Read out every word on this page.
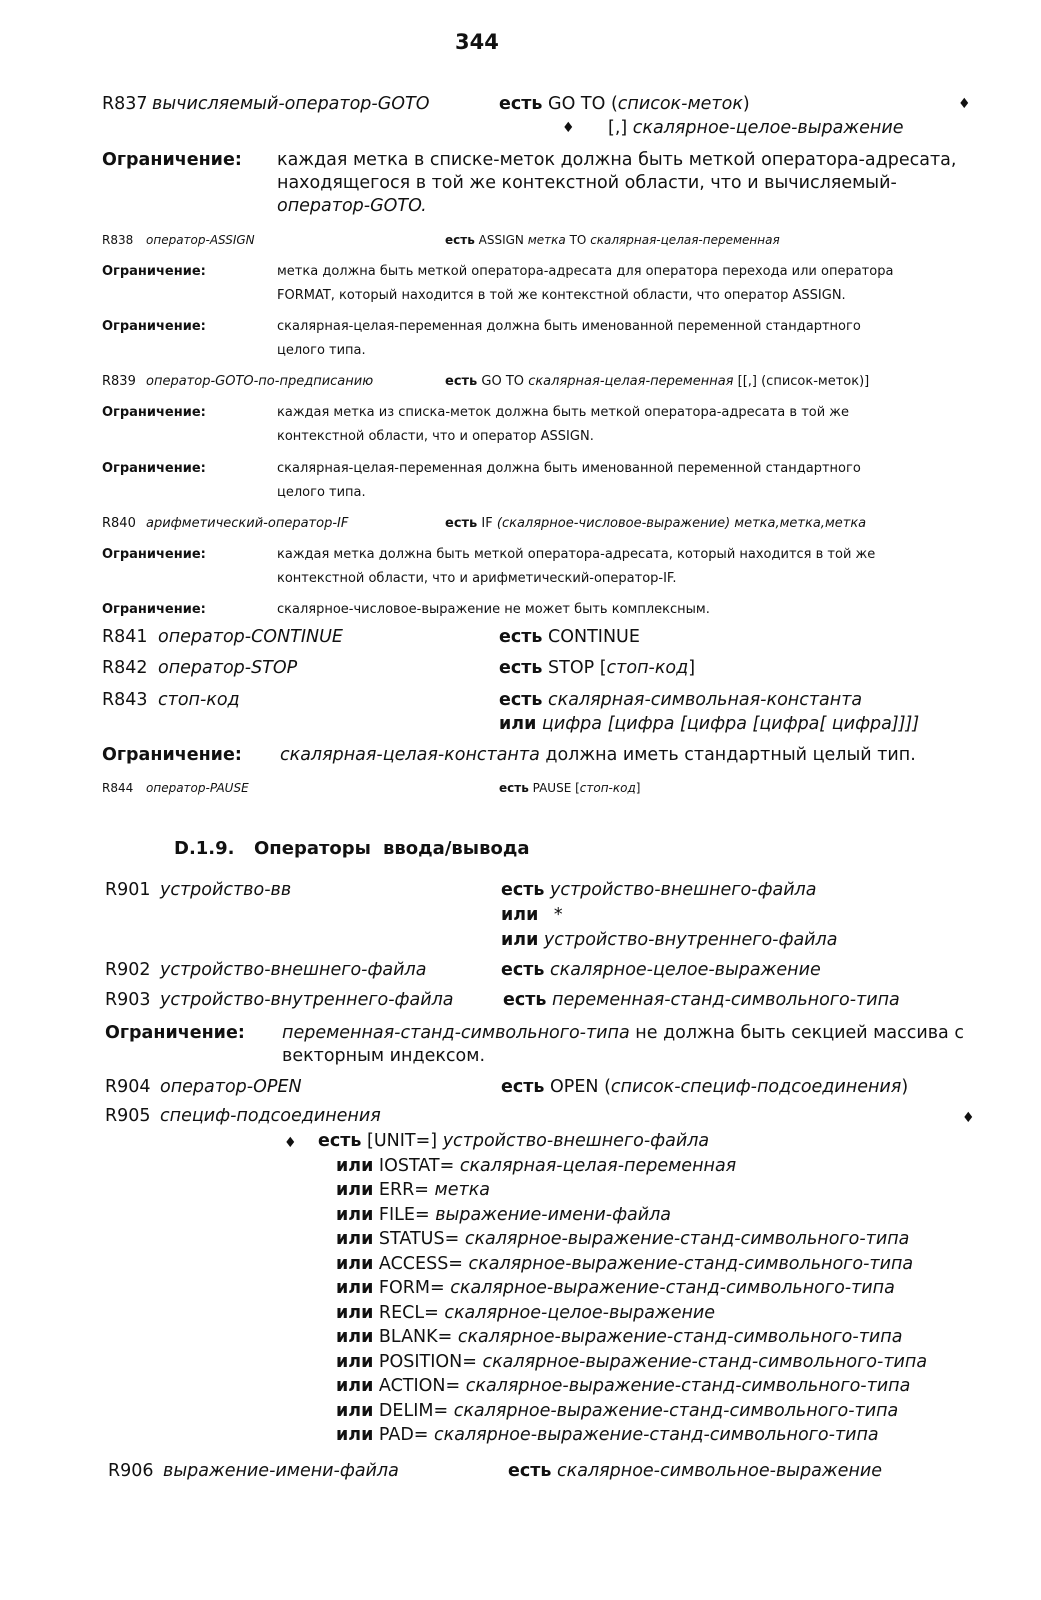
344
R837 вычисляемый-оператор-GOTO	есть GO TO (список-меток)	♦
♦ [,] скалярное-целое-выражение
Ограничение: каждая метка в списке-меток должна быть меткой оператора-адресата,
находящегося в той же контекстной области, что и вычисляемый-
оператор-GOTO.
R838 оператор-ASSIGN	есть ASSIGN метка TO скалярная-целая-переменная
Ограничение:	метка должна быть меткой оператора-адресата для оператора перехода или оператора
FORMAT, который находится в той же контекстной области, что оператор ASSIGN.
Ограничение:	скалярная-целая-переменная должна быть именованной переменной стандартного
целого типа.
R839 оператор-GOTO-по-предписанию	есть GO TO скалярная-целая-переменная [[,] (список-меток)]
Ограничение:	каждая метка из списка-меток должна быть меткой оператора-адресата в той же
контекстной области, что и оператор ASSIGN.
Ограничение:	скалярная-целая-переменная должна быть именованной переменной стандартного
целого типа.
R840 арифметический-оператор-IF	есть IF (скалярное-числовое-выражение) метка,метка,метка
Ограничение:	каждая метка должна быть меткой оператора-адресата, который находится в той же
контекстной области, что и арифметический-оператор-IF.
Ограничение:	скалярное-числовое-выражение не может быть комплексным.
R841 оператор-CONTINUE	есть CONTINUE
R842 оператор-STOP	есть STOP [стоп-код]
R843 стоп-код	есть скалярная-символьная-константа
или цифра [цифра [цифра [цифра[ цифра]]]]
Ограничение: скалярная-целая-константа должна иметь стандартный целый тип.
R844 оператор-PAUSE	есть PAUSE [стоп-код]
D.1.9. Операторы ввода/вывода
R901 устройство-вв	есть устройство-внешнего-файла
или *
или устройство-внутреннего-файла
R902 устройство-внешнего-файла	есть скалярное-целое-выражение
R903 устройство-внутреннего-файла	есть переменная-станд-символьного-типа
Ограничение: переменная-станд-символьного-типа не должна быть секцией массива с
векторным индексом.
R904 оператор-OPEN	есть OPEN (список-специф-подсоединения)
R905 специф-подсоединения	♦
♦ есть [UNIT=] устройство-внешнего-файла
или IOSTAT= скалярная-целая-переменная
или ERR= метка
или FILE= выражение-имени-файла
или STATUS= скалярное-выражение-станд-символьного-типа
или ACCESS= скалярное-выражение-станд-символьного-типа
или FORM= скалярное-выражение-станд-символьного-типа
или RECL= скалярное-целое-выражение
или BLANK= скалярное-выражение-станд-символьного-типа
или POSITION= скалярное-выражение-станд-символьного-типа
или ACTION= скалярное-выражение-станд-символьного-типа
или DELIM= скалярное-выражение-станд-символьного-типа
или PAD= скалярное-выражение-станд-символьного-типа
R906 выражение-имени-файла	есть скалярное-символьное-выражение
